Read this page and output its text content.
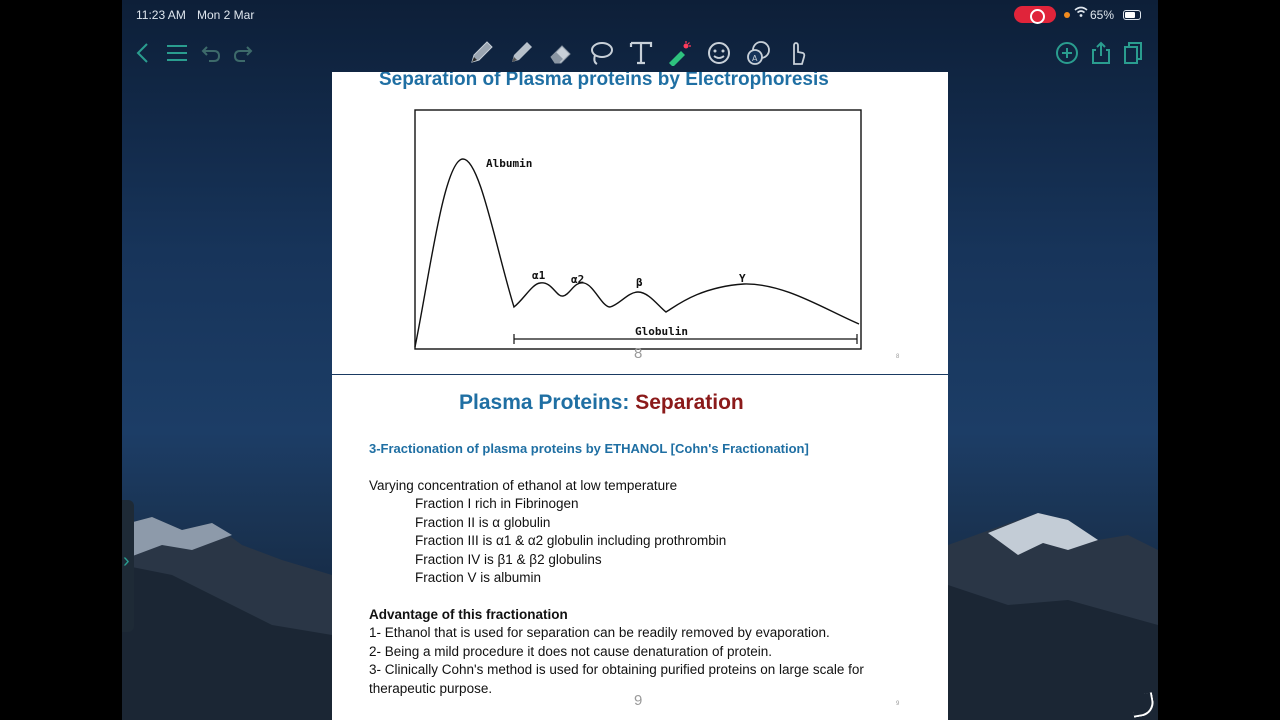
11:23 AM Mon 2 Mar	65%
A
›
Separation of Plasma proteins by Electrophoresis
Albumin
α1 α2	β	Y
Globulin
8	8
Plasma Proteins: Separation
3-Fractionation of plasma proteins by ETHANOL [Cohn's Fractionation]
Varying concentration of ethanol at low temperature
Fraction I rich in Fibrinogen
Fraction II is α globulin
Fraction III is α1 & α2 globulin including prothrombin
Fraction IV is β1 & β2 globulins
Fraction V is albumin
Advantage of this fractionation
1- Ethanol that is used for separation can be readily removed by evaporation.
2- Being a mild procedure it does not cause denaturation of protein.
3- Clinically Cohn's method is used for obtaining purified proteins on large scale for
therapeutic purpose.
9	9
